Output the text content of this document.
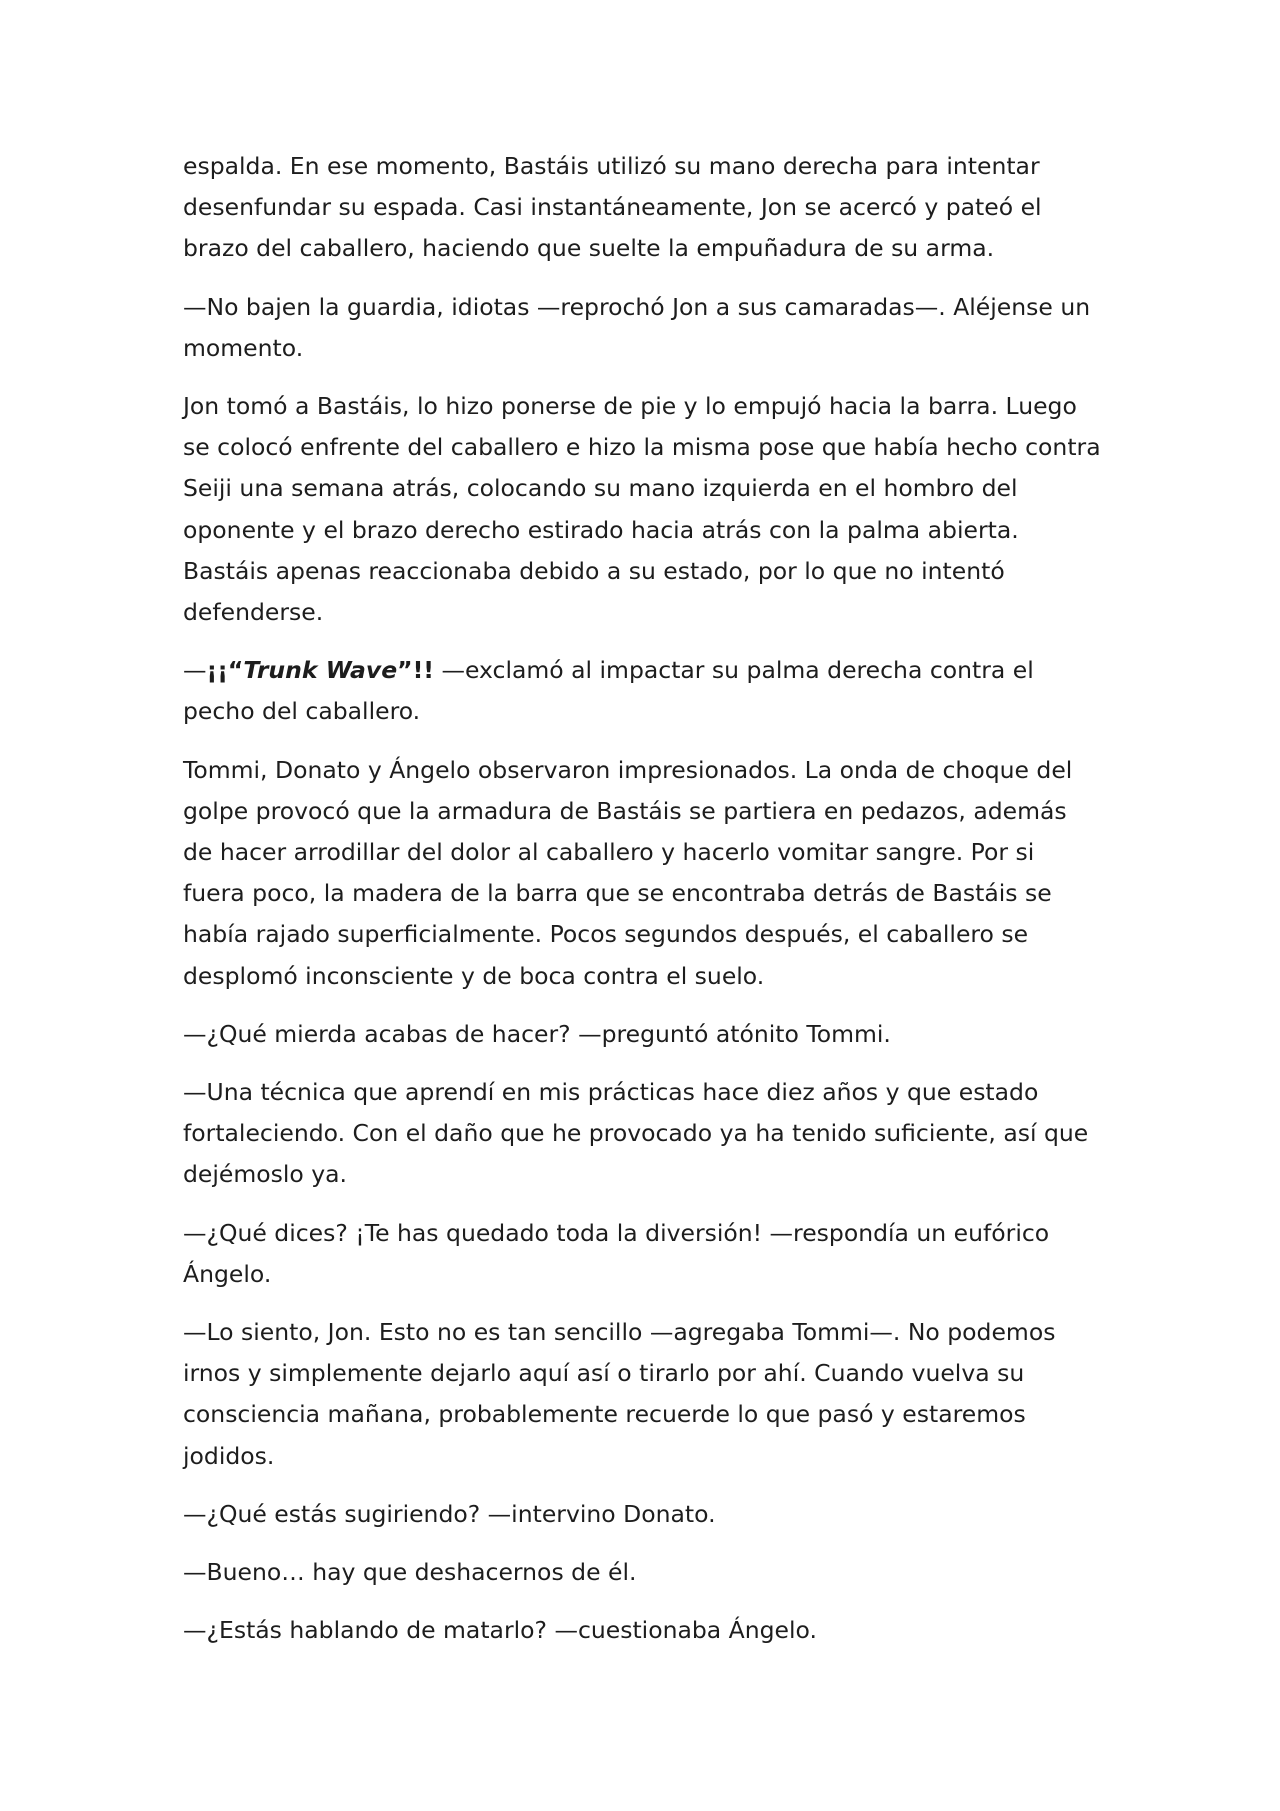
espalda. En ese momento, Bastáis utilizó su mano derecha para intentar desenfundar su espada. Casi instantáneamente, Jon se acercó y pateó el brazo del caballero, haciendo que suelte la empuñadura de su arma.

—No bajen la guardia, idiotas —reprochó Jon a sus camaradas—. Aléjense un momento.

Jon tomó a Bastáis, lo hizo ponerse de pie y lo empujó hacia la barra. Luego se colocó enfrente del caballero e hizo la misma pose que había hecho contra Seiji una semana atrás, colocando su mano izquierda en el hombro del oponente y el brazo derecho estirado hacia atrás con la palma abierta. Bastáis apenas reaccionaba debido a su estado, por lo que no intentó defenderse.

—¡¡“Trunk Wave”!! —exclamó al impactar su palma derecha contra el pecho del caballero.

Tommi, Donato y Ángelo observaron impresionados. La onda de choque del golpe provocó que la armadura de Bastáis se partiera en pedazos, además de hacer arrodillar del dolor al caballero y hacerlo vomitar sangre. Por si fuera poco, la madera de la barra que se encontraba detrás de Bastáis se había rajado superficialmente. Pocos segundos después, el caballero se desplomó inconsciente y de boca contra el suelo.

—¿Qué mierda acabas de hacer? —preguntó atónito Tommi.

—Una técnica que aprendí en mis prácticas hace diez años y que estado fortaleciendo. Con el daño que he provocado ya ha tenido suficiente, así que dejémoslo ya.

—¿Qué dices? ¡Te has quedado toda la diversión! —respondía un eufórico Ángelo.

—Lo siento, Jon. Esto no es tan sencillo —agregaba Tommi—. No podemos irnos y simplemente dejarlo aquí así o tirarlo por ahí. Cuando vuelva su consciencia mañana, probablemente recuerde lo que pasó y estaremos jodidos.

—¿Qué estás sugiriendo? —intervino Donato.

—Bueno… hay que deshacernos de él.

—¿Estás hablando de matarlo? —cuestionaba Ángelo.
